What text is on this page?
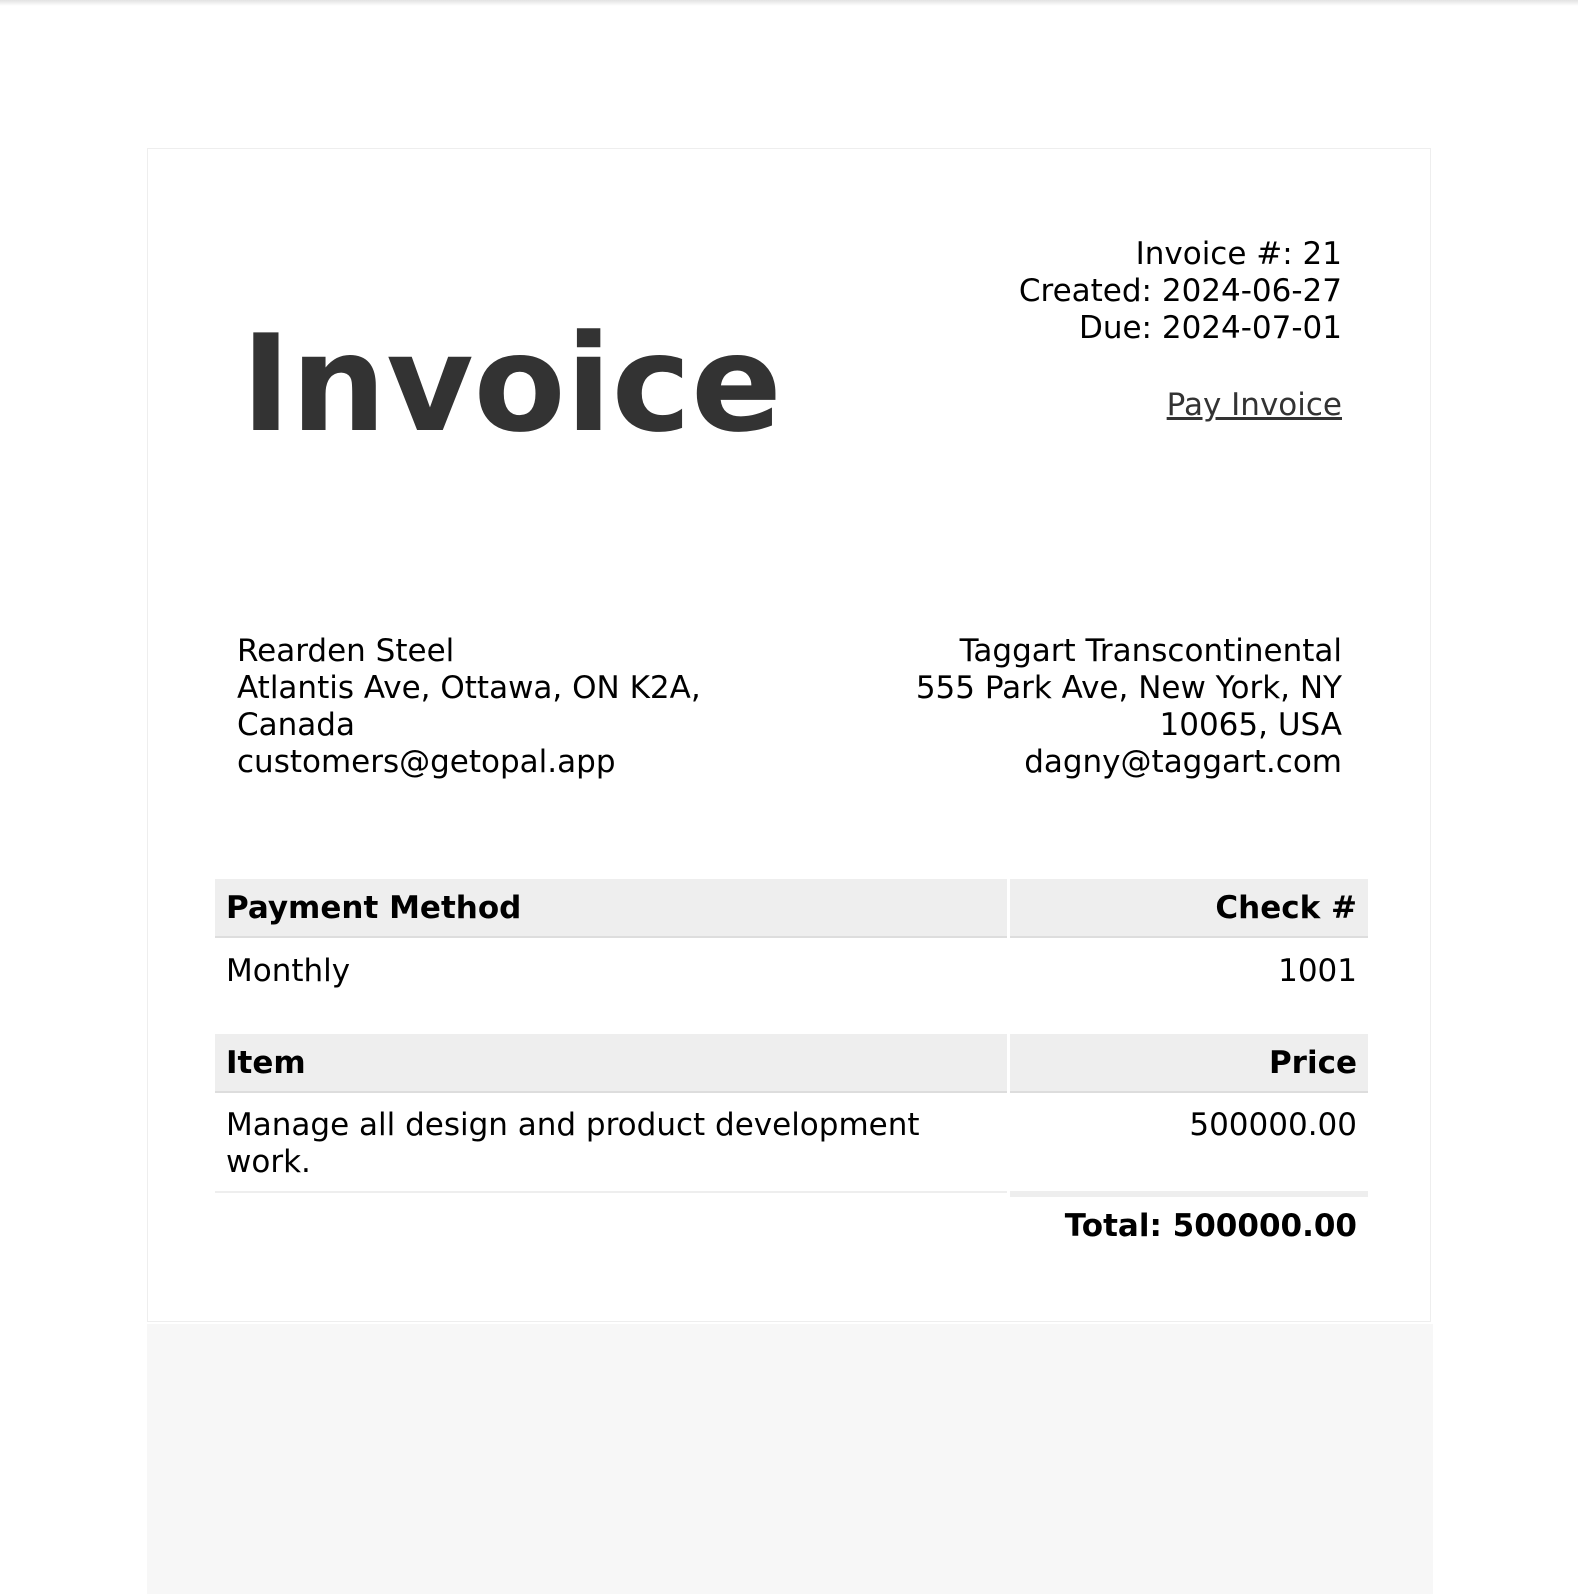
Invoice
Invoice #: 21
Created: 2024-06-27
Due: 2024-07-01
Pay Invoice
Rearden Steel
Atlantis Ave, Ottawa, ON K2A,
Canada
customers@getopal.app
Taggart Transcontinental
555 Park Ave, New York, NY
10065, USA
dagny@taggart.com
Payment Method	Check #
Monthly	1001
Item	Price
Manage all design and product development work.	500000.00
	Total: 500000.00
